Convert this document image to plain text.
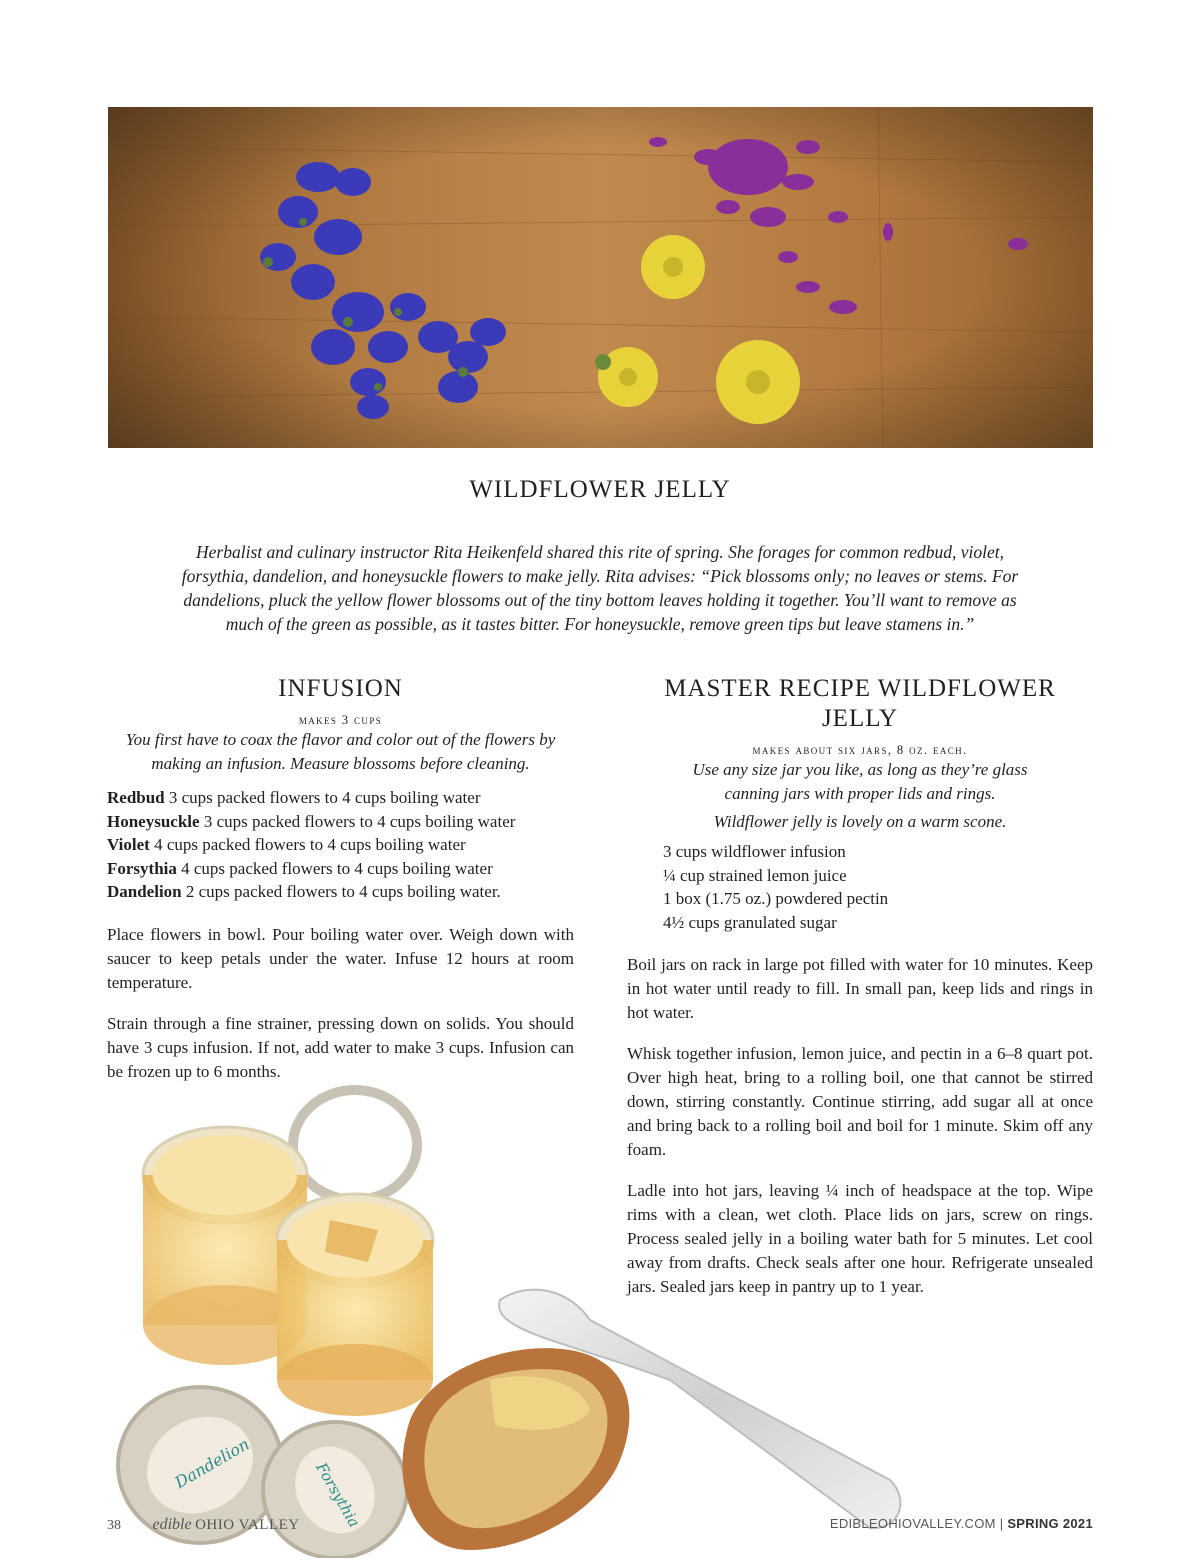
WILDFLOWER JELLY
Herbalist and culinary instructor Rita Heikenfeld shared this rite of spring. She forages for common redbud, violet, forsythia, dandelion, and honeysuckle flowers to make jelly. Rita advises: “Pick blossoms only; no leaves or stems. For dandelions, pluck the yellow flower blossoms out of the tiny bottom leaves holding it together. You’ll want to remove as much of the green as possible, as it tastes bitter. For honeysuckle, remove green tips but leave stamens in.”
INFUSION
makes 3 cups
You first have to coax the flavor and color out of the flowers by making an infusion. Measure blossoms before cleaning.
Redbud 3 cups packed flowers to 4 cups boiling water
Honeysuckle 3 cups packed flowers to 4 cups boiling water
Violet 4 cups packed flowers to 4 cups boiling water
Forsythia 4 cups packed flowers to 4 cups boiling water
Dandelion 2 cups packed flowers to 4 cups boiling water.

Place flowers in bowl. Pour boiling water over. Weigh down with saucer to keep petals under the water. Infuse 12 hours at room temperature.

Strain through a fine strainer, pressing down on solids. You should have 3 cups infusion. If not, add water to make 3 cups. Infusion can be frozen up to 6 months.

MASTER RECIPE WILDFLOWER JELLY
makes about six jars, 8 oz. each.
Use any size jar you like, as long as they’re glass canning jars with proper lids and rings.
Wildflower jelly is lovely on a warm scone.
3 cups wildflower infusion
¼ cup strained lemon juice
1 box (1.75 oz.) powdered pectin
4½ cups granulated sugar

Boil jars on rack in large pot filled with water for 10 minutes. Keep in hot water until ready to fill. In small pan, keep lids and rings in hot water.

Whisk together infusion, lemon juice, and pectin in a 6–8 quart pot. Over high heat, bring to a rolling boil, one that cannot be stirred down, stirring constantly. Continue stirring, add sugar all at once and bring back to a rolling boil and boil for 1 minute. Skim off any foam.

Ladle into hot jars, leaving ¼ inch of headspace at the top. Wipe rims with a clean, wet cloth. Place lids on jars, screw on rings. Process sealed jelly in a boiling water bath for 5 minutes. Let cool away from drafts. Check seals after one hour. Refrigerate unsealed jars. Sealed jars keep in pantry up to 1 year.

Dandelion	Forsythia
38 edible OHIO VALLEY	EDIBLEOHIOVALLEY.COM | SPRING 2021
